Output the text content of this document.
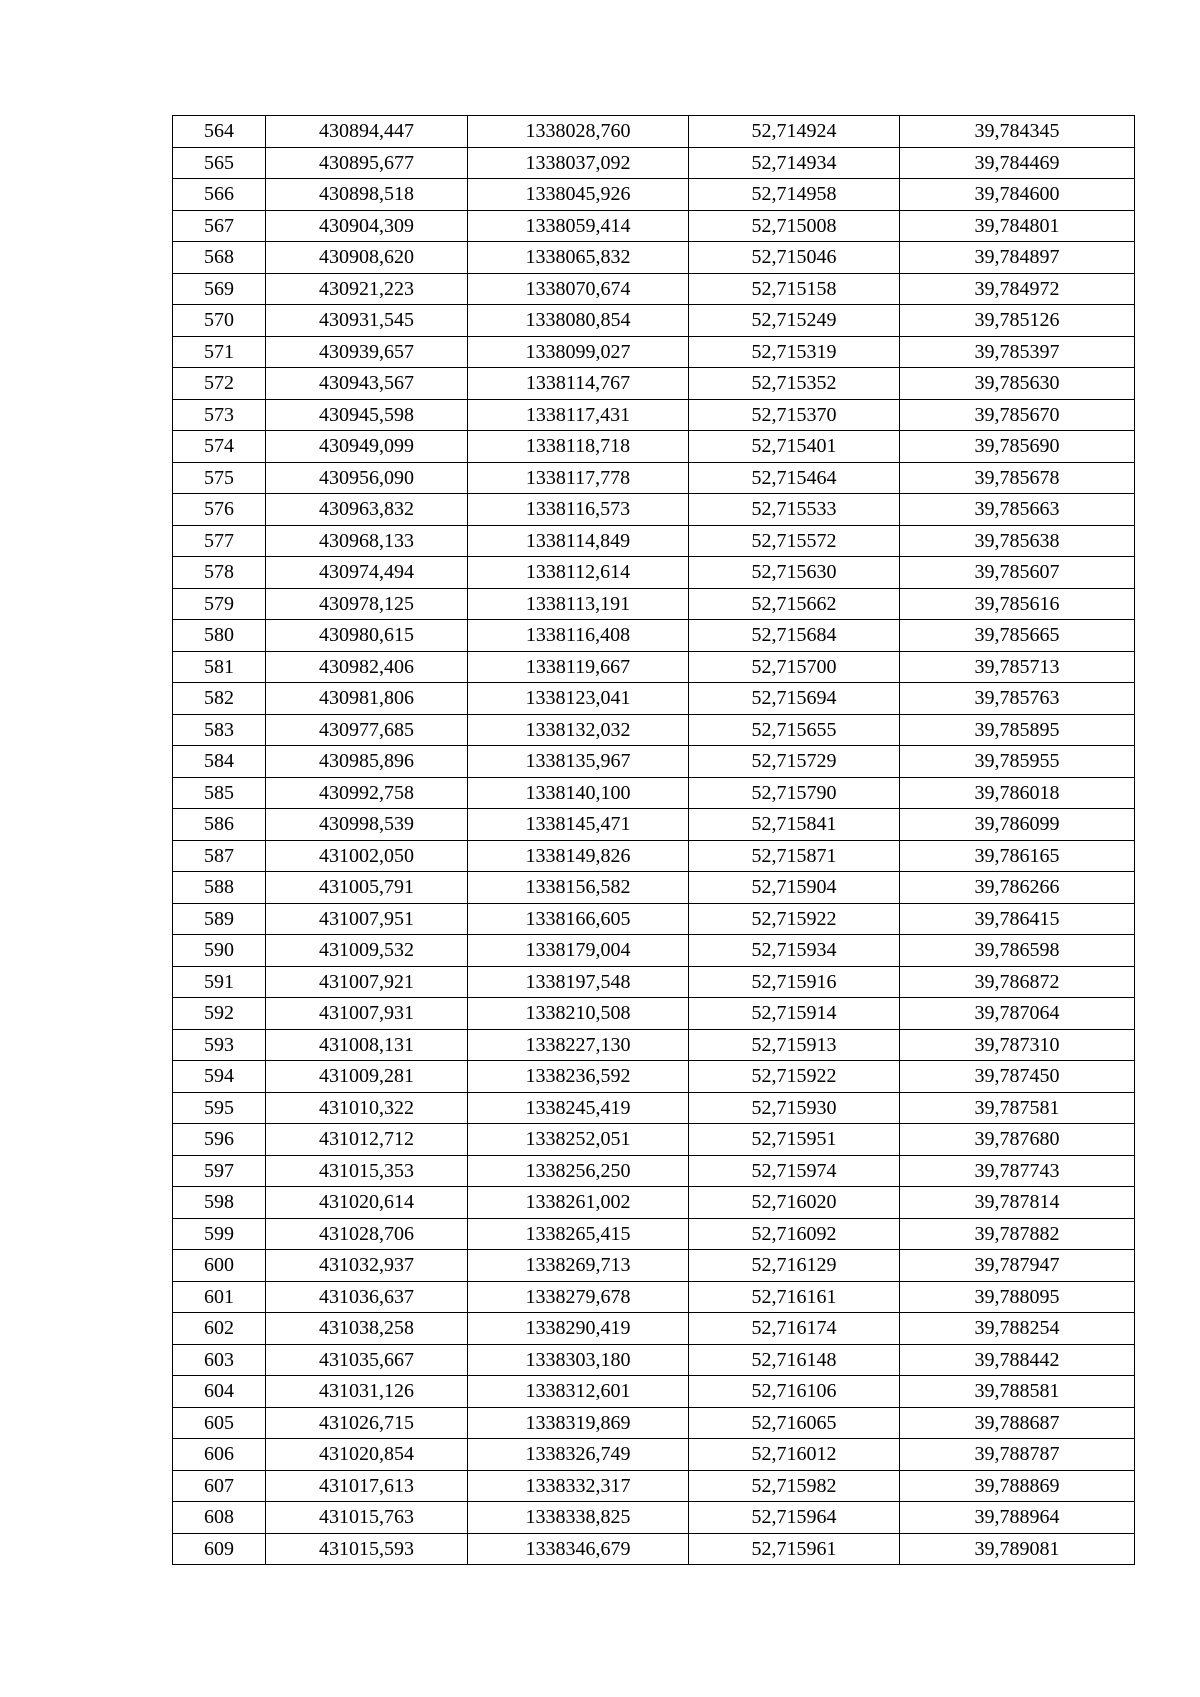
564	430894,447	1338028,760	52,714924	39,784345
565	430895,677	1338037,092	52,714934	39,784469
566	430898,518	1338045,926	52,714958	39,784600
567	430904,309	1338059,414	52,715008	39,784801
568	430908,620	1338065,832	52,715046	39,784897
569	430921,223	1338070,674	52,715158	39,784972
570	430931,545	1338080,854	52,715249	39,785126
571	430939,657	1338099,027	52,715319	39,785397
572	430943,567	1338114,767	52,715352	39,785630
573	430945,598	1338117,431	52,715370	39,785670
574	430949,099	1338118,718	52,715401	39,785690
575	430956,090	1338117,778	52,715464	39,785678
576	430963,832	1338116,573	52,715533	39,785663
577	430968,133	1338114,849	52,715572	39,785638
578	430974,494	1338112,614	52,715630	39,785607
579	430978,125	1338113,191	52,715662	39,785616
580	430980,615	1338116,408	52,715684	39,785665
581	430982,406	1338119,667	52,715700	39,785713
582	430981,806	1338123,041	52,715694	39,785763
583	430977,685	1338132,032	52,715655	39,785895
584	430985,896	1338135,967	52,715729	39,785955
585	430992,758	1338140,100	52,715790	39,786018
586	430998,539	1338145,471	52,715841	39,786099
587	431002,050	1338149,826	52,715871	39,786165
588	431005,791	1338156,582	52,715904	39,786266
589	431007,951	1338166,605	52,715922	39,786415
590	431009,532	1338179,004	52,715934	39,786598
591	431007,921	1338197,548	52,715916	39,786872
592	431007,931	1338210,508	52,715914	39,787064
593	431008,131	1338227,130	52,715913	39,787310
594	431009,281	1338236,592	52,715922	39,787450
595	431010,322	1338245,419	52,715930	39,787581
596	431012,712	1338252,051	52,715951	39,787680
597	431015,353	1338256,250	52,715974	39,787743
598	431020,614	1338261,002	52,716020	39,787814
599	431028,706	1338265,415	52,716092	39,787882
600	431032,937	1338269,713	52,716129	39,787947
601	431036,637	1338279,678	52,716161	39,788095
602	431038,258	1338290,419	52,716174	39,788254
603	431035,667	1338303,180	52,716148	39,788442
604	431031,126	1338312,601	52,716106	39,788581
605	431026,715	1338319,869	52,716065	39,788687
606	431020,854	1338326,749	52,716012	39,788787
607	431017,613	1338332,317	52,715982	39,788869
608	431015,763	1338338,825	52,715964	39,788964
609	431015,593	1338346,679	52,715961	39,789081
